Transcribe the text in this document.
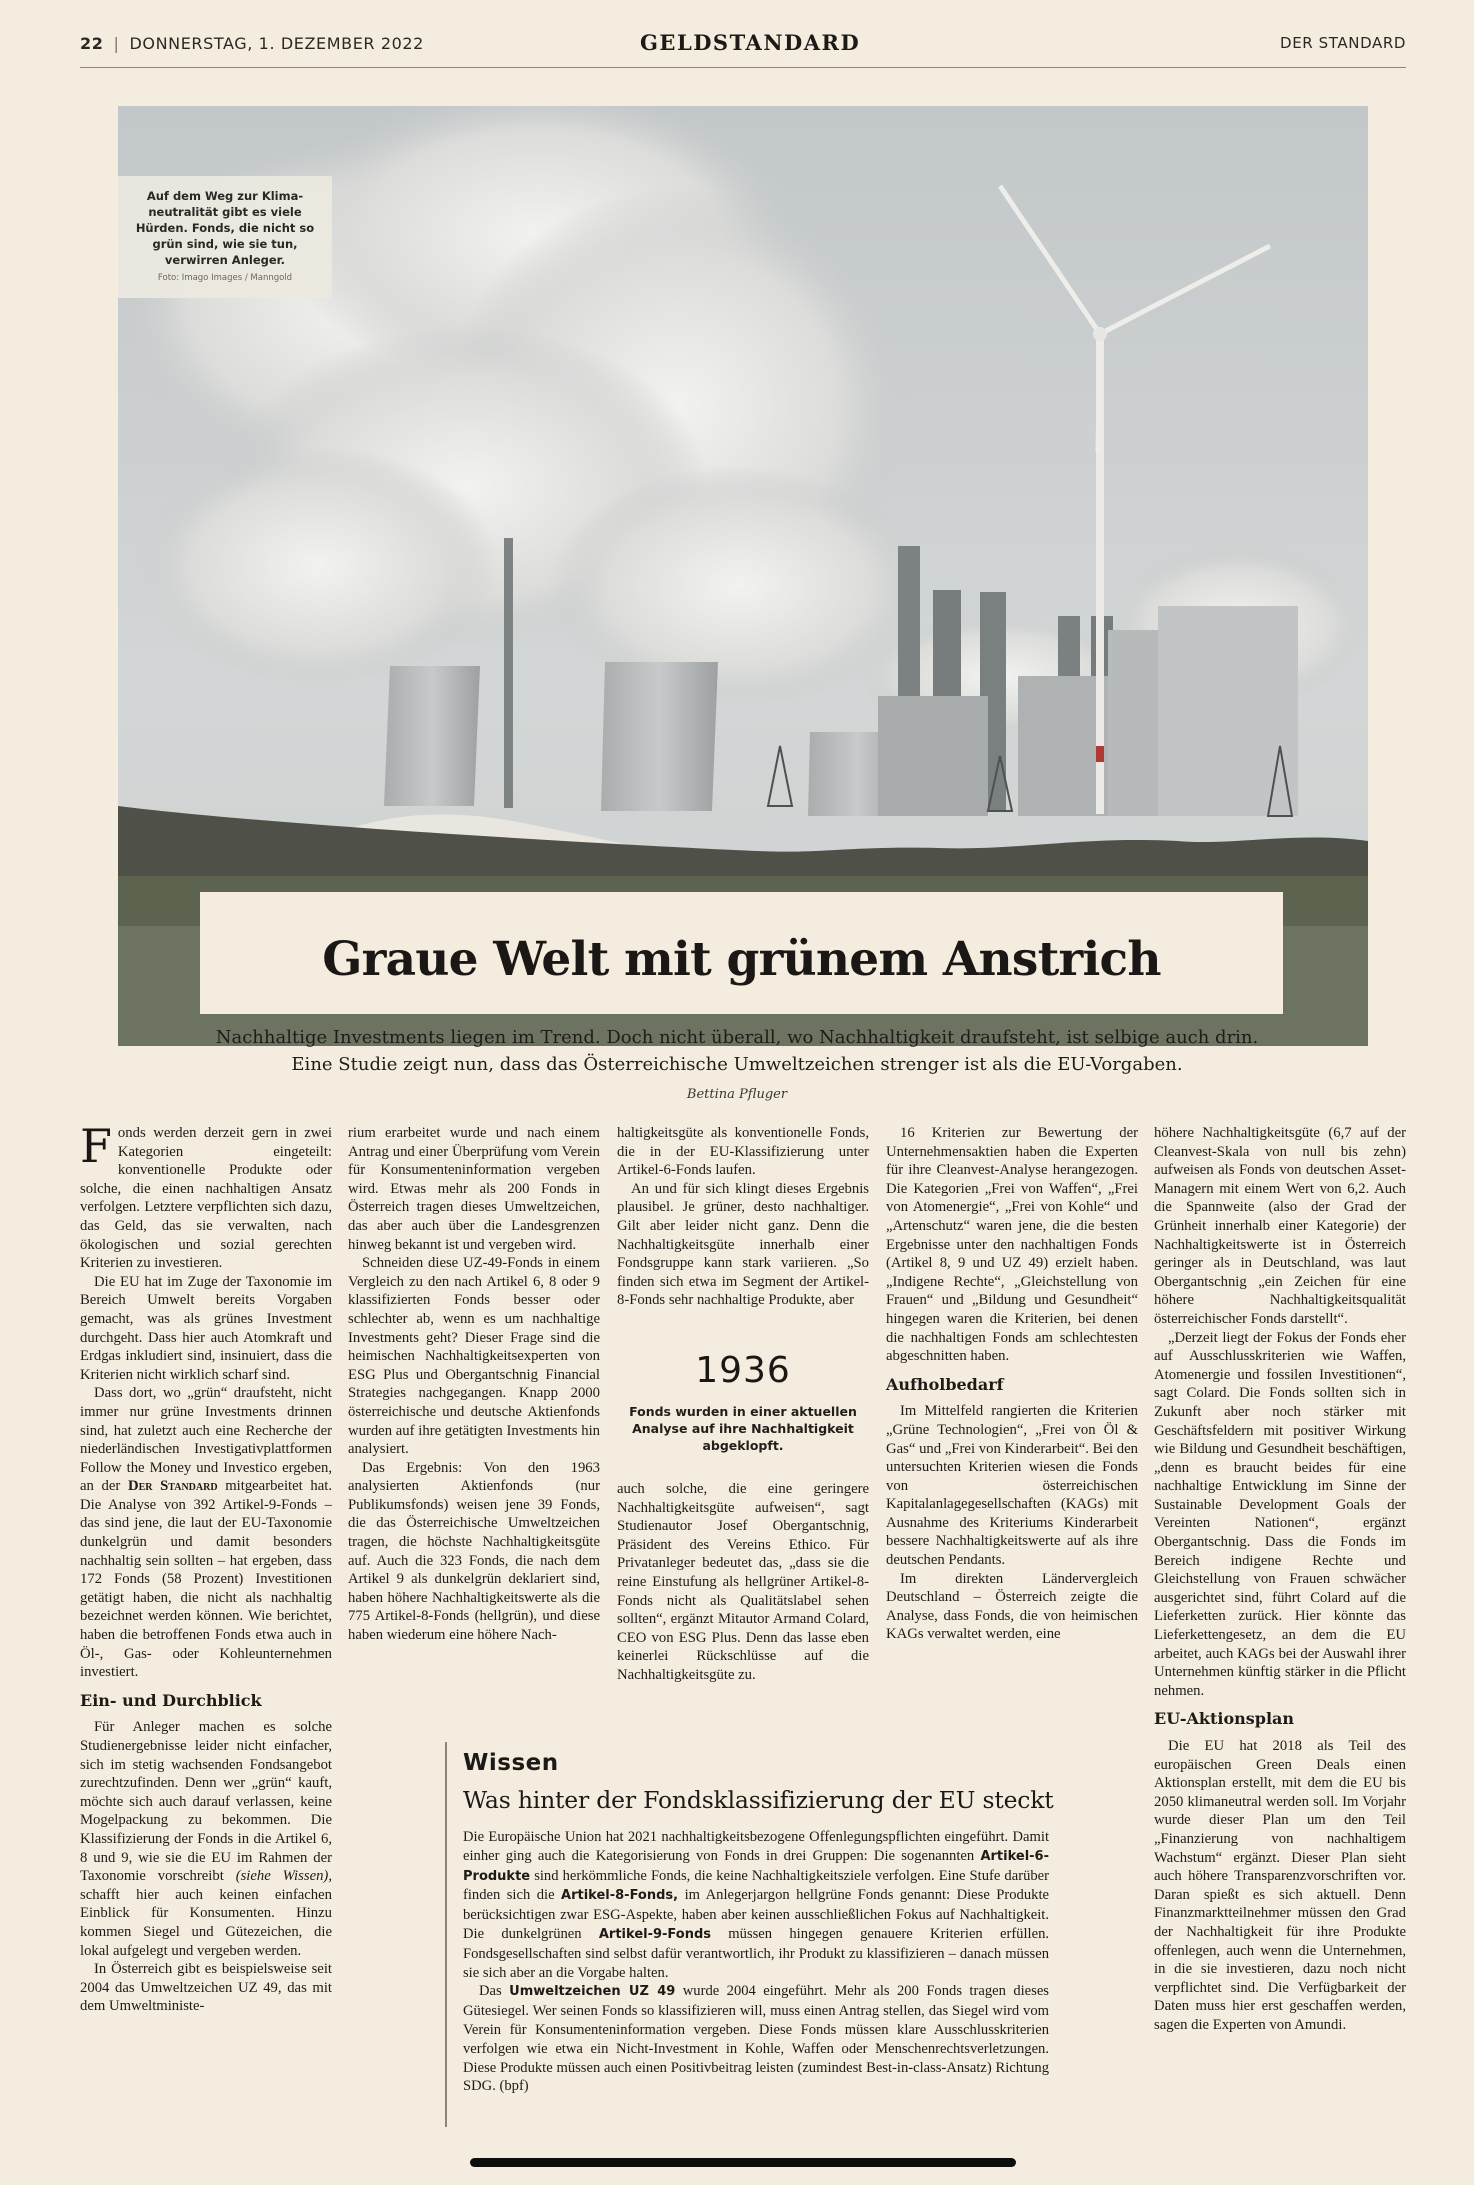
22 | DONNERSTAG, 1. DEZEMBER 2022	GELDSTANDARD	DER STANDARD
Auf dem Weg zur Klima-neutralität gibt es viele Hürden. Fonds, die nicht so grün sind, wie sie tun, verwirren Anleger.
Foto: Imago Images / Manngold
Graue Welt mit grünem Anstrich
Nachhaltige Investments liegen im Trend. Doch nicht überall, wo Nachhaltigkeit draufsteht, ist selbige auch drin.
Eine Studie zeigt nun, dass das Österreichische Umweltzeichen strenger ist als die EU-Vorgaben.
Bettina Pfluger

Fonds werden derzeit gern in zwei Kategorien eingeteilt: konventionelle Produkte oder solche, die einen nachhaltigen Ansatz verfolgen. Letztere verpflichten sich dazu, das Geld, das sie verwalten, nach ökologischen und sozial gerechten Kriterien zu investieren.

Die EU hat im Zuge der Taxonomie im Bereich Umwelt bereits Vorgaben gemacht, was als grünes Investment durchgeht. Dass hier auch Atomkraft und Erdgas inkludiert sind, insinuiert, dass die Kriterien nicht wirklich scharf sind.

Dass dort, wo „grün“ draufsteht, nicht immer nur grüne Investments drinnen sind, hat zuletzt auch eine Recherche der niederländischen Investigativplattformen Follow the Money und Investico ergeben, an der Der Standard mitgearbeitet hat. Die Analyse von 392 Artikel-9-Fonds – das sind jene, die laut der EU-Taxonomie dunkelgrün und damit besonders nachhaltig sein sollten – hat ergeben, dass 172 Fonds (58 Prozent) Investitionen getätigt haben, die nicht als nachhaltig bezeichnet werden können. Wie berichtet, haben die betroffenen Fonds etwa auch in Öl-, Gas- oder Kohleunternehmen investiert.

Ein- und Durchblick

Für Anleger machen es solche Studienergebnisse leider nicht einfacher, sich im stetig wachsenden Fondsangebot zurechtzufinden. Denn wer „grün“ kauft, möchte sich auch darauf verlassen, keine Mogelpackung zu bekommen. Die Klassifizierung der Fonds in die Artikel 6, 8 und 9, wie sie die EU im Rahmen der Taxonomie vorschreibt (siehe Wissen), schafft hier auch keinen einfachen Einblick für Konsumenten. Hinzu kommen Siegel und Gütezeichen, die lokal aufgelegt und vergeben werden.

In Österreich gibt es beispielsweise seit 2004 das Umweltzeichen UZ 49, das mit dem Umweltministe-

rium erarbeitet wurde und nach einem Antrag und einer Überprüfung vom Verein für Konsumenteninformation vergeben wird. Etwas mehr als 200 Fonds in Österreich tragen dieses Umweltzeichen, das aber auch über die Landesgrenzen hinweg bekannt ist und vergeben wird.

Schneiden diese UZ-49-Fonds in einem Vergleich zu den nach Artikel 6, 8 oder 9 klassifizierten Fonds besser oder schlechter ab, wenn es um nachhaltige Investments geht? Dieser Frage sind die heimischen Nachhaltigkeitsexperten von ESG Plus und Obergantschnig Financial Strategies nachgegangen. Knapp 2000 österreichische und deutsche Aktienfonds wurden auf ihre getätigten Investments hin analysiert.

Das Ergebnis: Von den 1963 analysierten Aktienfonds (nur Publikumsfonds) weisen jene 39 Fonds, die das Österreichische Umweltzeichen tragen, die höchste Nachhaltigkeitsgüte auf. Auch die 323 Fonds, die nach dem Artikel 9 als dunkelgrün deklariert sind, haben höhere Nachhaltigkeitswerte als die 775 Artikel-8-Fonds (hellgrün), und diese haben wiederum eine höhere Nach-

haltigkeitsgüte als konventionelle Fonds, die in der EU-Klassifizierung unter Artikel-6-Fonds laufen.

An und für sich klingt dieses Ergebnis plausibel. Je grüner, desto nachhaltiger. Gilt aber leider nicht ganz. Denn die Nachhaltigkeitsgüte innerhalb einer Fondsgruppe kann stark variieren. „So finden sich etwa im Segment der Artikel-8-Fonds sehr nachhaltige Produkte, aber

1936
Fonds wurden in einer aktuellen Analyse auf ihre Nachhaltigkeit abgeklopft.

auch solche, die eine geringere Nachhaltigkeitsgüte aufweisen“, sagt Studienautor Josef Obergantschnig, Präsident des Vereins Ethico. Für Privatanleger bedeutet das, „dass sie die reine Einstufung als hellgrüner Artikel-8-Fonds nicht als Qualitätslabel sehen sollten“, ergänzt Mitautor Armand Colard, CEO von ESG Plus. Denn das lasse eben keinerlei Rückschlüsse auf die Nachhaltigkeitsgüte zu.

16 Kriterien zur Bewertung der Unternehmensaktien haben die Experten für ihre Cleanvest-Analyse herangezogen. Die Kategorien „Frei von Waffen“, „Frei von Atomenergie“, „Frei von Kohle“ und „Artenschutz“ waren jene, die die besten Ergebnisse unter den nachhaltigen Fonds (Artikel 8, 9 und UZ 49) erzielt haben. „Indigene Rechte“, „Gleichstellung von Frauen“ und „Bildung und Gesundheit“ hingegen waren die Kriterien, bei denen die nachhaltigen Fonds am schlechtesten abgeschnitten haben.

Aufholbedarf

Im Mittelfeld rangierten die Kriterien „Grüne Technologien“, „Frei von Öl & Gas“ und „Frei von Kinderarbeit“. Bei den untersuchten Kriterien wiesen die Fonds von österreichischen Kapitalanlagegesellschaften (KAGs) mit Ausnahme des Kriteriums Kinderarbeit bessere Nachhaltigkeitswerte auf als ihre deutschen Pendants.

Im direkten Ländervergleich Deutschland – Österreich zeigte die Analyse, dass Fonds, die von heimischen KAGs verwaltet werden, eine

höhere Nachhaltigkeitsgüte (6,7 auf der Cleanvest-Skala von null bis zehn) aufweisen als Fonds von deutschen Asset-Managern mit einem Wert von 6,2. Auch die Spannweite (also der Grad der Grünheit innerhalb einer Kategorie) der Nachhaltigkeitswerte ist in Österreich geringer als in Deutschland, was laut Obergantschnig „ein Zeichen für eine höhere Nachhaltigkeitsqualität österreichischer Fonds darstellt“.

„Derzeit liegt der Fokus der Fonds eher auf Ausschlusskriterien wie Waffen, Atomenergie und fossilen Investitionen“, sagt Colard. Die Fonds sollten sich in Zukunft aber noch stärker mit Geschäftsfeldern mit positiver Wirkung wie Bildung und Gesundheit beschäftigen, „denn es braucht beides für eine nachhaltige Entwicklung im Sinne der Sustainable Development Goals der Vereinten Nationen“, ergänzt Obergantschnig. Dass die Fonds im Bereich indigene Rechte und Gleichstellung von Frauen schwächer ausgerichtet sind, führt Colard auf die Lieferketten zurück. Hier könnte das Lieferkettengesetz, an dem die EU arbeitet, auch KAGs bei der Auswahl ihrer Unternehmen künftig stärker in die Pflicht nehmen.

EU-Aktionsplan

Die EU hat 2018 als Teil des europäischen Green Deals einen Aktionsplan erstellt, mit dem die EU bis 2050 klimaneutral werden soll. Im Vorjahr wurde dieser Plan um den Teil „Finanzierung von nachhaltigem Wachstum“ ergänzt. Dieser Plan sieht auch höhere Transparenzvorschriften vor. Daran spießt es sich aktuell. Denn Finanzmarktteilnehmer müssen den Grad der Nachhaltigkeit für ihre Produkte offenlegen, auch wenn die Unternehmen, in die sie investieren, dazu noch nicht verpflichtet sind. Die Verfügbarkeit der Daten muss hier erst geschaffen werden, sagen die Experten von Amundi.

Wissen
Was hinter der Fondsklassifizierung der EU steckt

Die Europäische Union hat 2021 nachhaltigkeitsbezogene Offenlegungspflichten eingeführt. Damit einher ging auch die Kategorisierung von Fonds in drei Gruppen: Die sogenannten Artikel-6-Produkte sind herkömmliche Fonds, die keine Nachhaltigkeitsziele verfolgen. Eine Stufe darüber finden sich die Artikel-8-Fonds, im Anlegerjargon hellgrüne Fonds genannt: Diese Produkte berücksichtigen zwar ESG-Aspekte, haben aber keinen ausschließlichen Fokus auf Nachhaltigkeit. Die dunkelgrünen Artikel-9-Fonds müssen hingegen genauere Kriterien erfüllen. Fondsgesellschaften sind selbst dafür verantwortlich, ihr Produkt zu klassifizieren – danach müssen sie sich aber an die Vorgabe halten.

Das Umweltzeichen UZ 49 wurde 2004 eingeführt. Mehr als 200 Fonds tragen dieses Gütesiegel. Wer seinen Fonds so klassifizieren will, muss einen Antrag stellen, das Siegel wird vom Verein für Konsumenteninformation vergeben. Diese Fonds müssen klare Ausschlusskriterien verfolgen wie etwa ein Nicht-Investment in Kohle, Waffen oder Menschenrechtsverletzungen. Diese Produkte müssen auch einen Positivbeitrag leisten (zumindest Best-in-class-Ansatz) Richtung SDG. (bpf)
